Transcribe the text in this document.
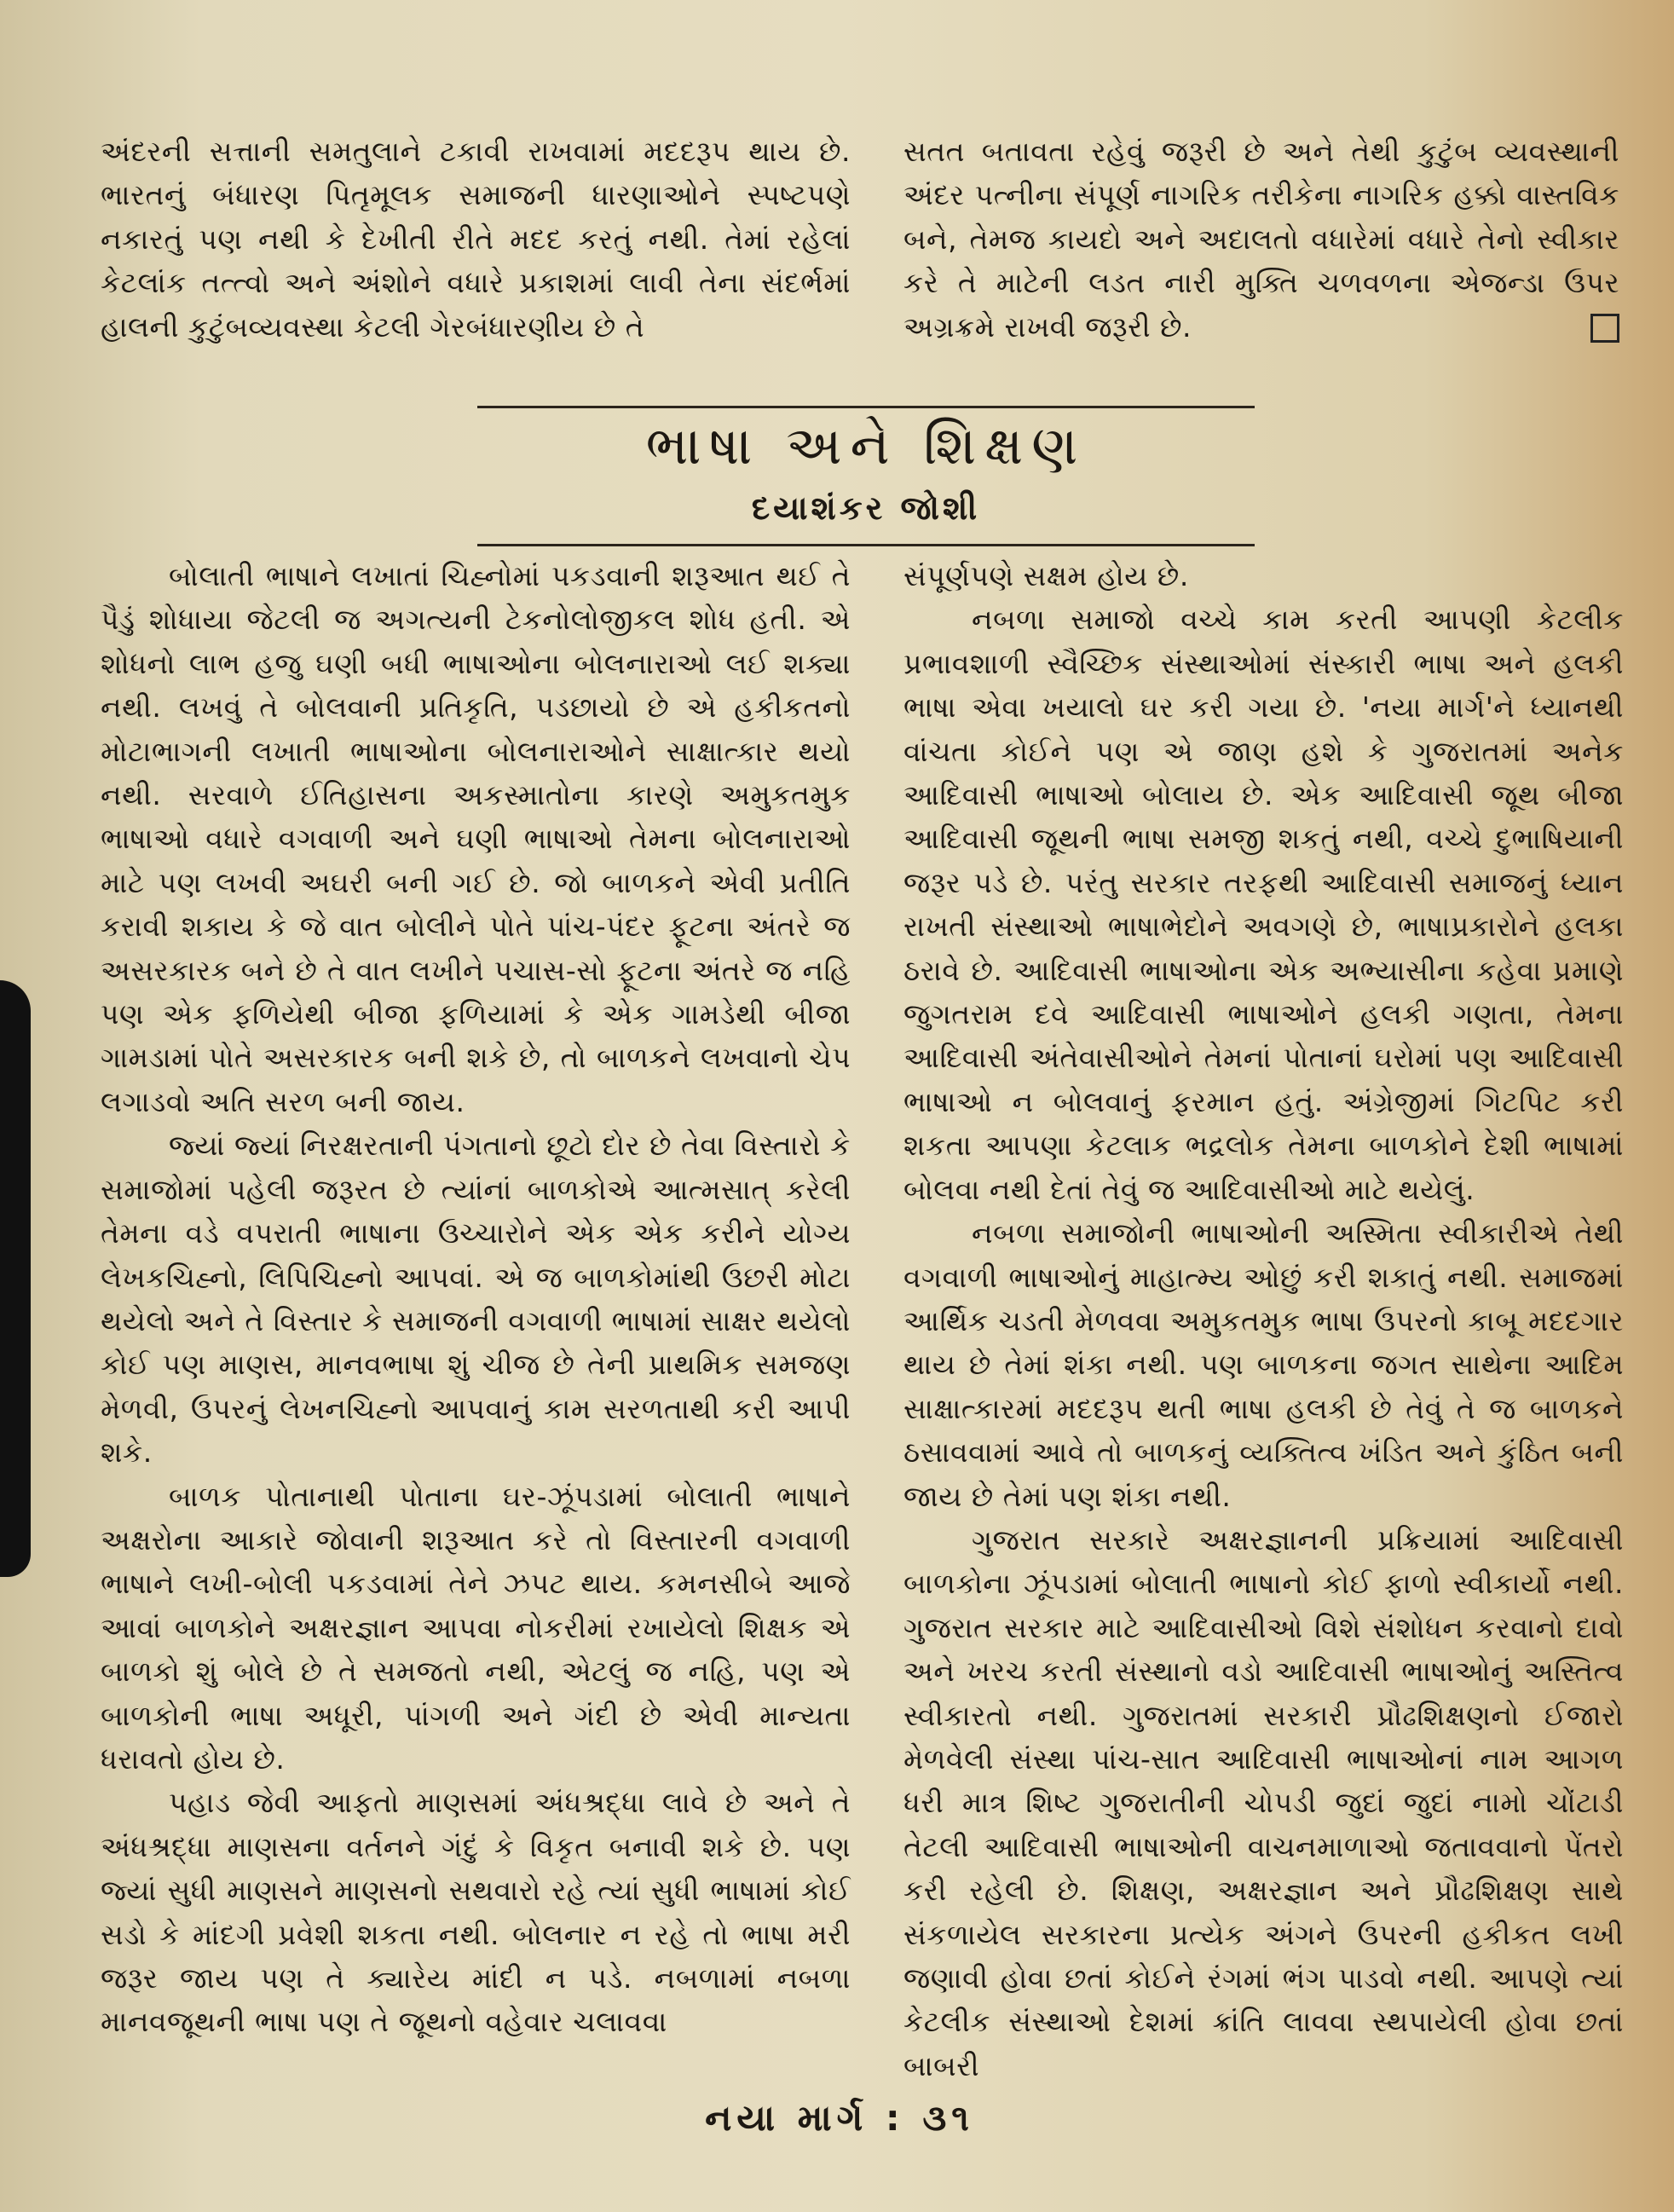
અંદરની સત્તાની સમતુલાને ટકાવી રાખવામાં મદદરૂપ થાય છે. ભારતનું બંધારણ પિતૃમૂલક સમાજની ધારણાઓને સ્પષ્ટપણે નકારતું પણ નથી કે દેખીતી રીતે મદદ કરતું નથી. તેમાં રહેલાં કેટલાંક તત્ત્વો અને અંશોને વધારે પ્રકાશમાં લાવી તેના સંદર્ભમાં હાલની કુટુંબવ્યવસ્થા કેટલી ગેરબંધારણીય છે તે

સતત બતાવતા રહેવું જરૂરી છે અને તેથી કુટુંબ વ્યવસ્થાની અંદર પત્નીના સંપૂર્ણ નાગરિક તરીકેના નાગરિક હક્કો વાસ્તવિક બને, તેમજ કાયદો અને અદાલતો વધારેમાં વધારે તેનો સ્વીકાર કરે તે માટેની લડત નારી મુક્તિ ચળવળના એજન્ડા ઉપર અગ્રક્રમે રાખવી જરૂરી છે.

ભાષા અને શિક્ષણ
દયાશંકર જોશી

બોલાતી ભાષાને લખાતાં ચિહ્નોમાં પકડવાની શરૂઆત થઈ તે પૈડું શોધાયા જેટલી જ અગત્યની ટેકનોલોજીકલ શોધ હતી. એ શોધનો લાભ હજુ ઘણી બધી ભાષાઓના બોલનારાઓ લઈ શક્યા નથી. લખવું તે બોલવાની પ્રતિકૃતિ, પડછાયો છે એ હકીકતનો મોટાભાગની લખાતી ભાષાઓના બોલનારાઓને સાક્ષાત્કાર થયો નથી. સરવાળે ઈતિહાસના અકસ્માતોના કારણે અમુકતમુક ભાષાઓ વધારે વગવાળી અને ઘણી ભાષાઓ તેમના બોલનારાઓ માટે પણ લખવી અઘરી બની ગઈ છે. જો બાળકને એવી પ્રતીતિ કરાવી શકાય કે જે વાત બોલીને પોતે પાંચ-પંદર ફૂટના અંતરે જ અસરકારક બને છે તે વાત લખીને પચાસ-સો ફૂટના અંતરે જ નહિ પણ એક ફળિયેથી બીજા ફળિયામાં કે એક ગામડેથી બીજા ગામડામાં પોતે અસરકારક બની શકે છે, તો બાળકને લખવાનો ચેપ લગાડવો અતિ સરળ બની જાય.

જ્યાં જ્યાં નિરક્ષરતાની પંગતાનો છૂટો દોર છે તેવા વિસ્તારો કે સમાજોમાં પહેલી જરૂરત છે ત્યાંનાં બાળકોએ આત્મસાત્ કરેલી તેમના વડે વપરાતી ભાષાના ઉચ્ચારોને એક એક કરીને યોગ્ય લેખકચિહ્નો, લિપિચિહ્નો આપવાં. એ જ બાળકોમાંથી ઉછરી મોટા થયેલો અને તે વિસ્તાર કે સમાજની વગવાળી ભાષામાં સાક્ષર થયેલો કોઈ પણ માણસ, માનવભાષા શું ચીજ છે તેની પ્રાથમિક સમજણ મેળવી, ઉપરનું લેખનચિહ્નો આપવાનું કામ સરળતાથી કરી આપી શકે.

બાળક પોતાનાથી પોતાના ઘર-ઝૂંપડામાં બોલાતી ભાષાને અક્ષરોના આકારે જોવાની શરૂઆત કરે તો વિસ્તારની વગવાળી ભાષાને લખી-બોલી પકડવામાં તેને ઝપટ થાય. કમનસીબે આજે આવાં બાળકોને અક્ષરજ્ઞાન આપવા નોકરીમાં રખાયેલો શિક્ષક એ બાળકો શું બોલે છે તે સમજતો નથી, એટલું જ નહિ, પણ એ બાળકોની ભાષા અધૂરી, પાંગળી અને ગંદી છે એવી માન્યતા ધરાવતો હોય છે.

પહાડ જેવી આફતો માણસમાં અંધશ્રદ્ધા લાવે છે અને તે અંધશ્રદ્ધા માણસના વર્તનને ગંદું કે વિકૃત બનાવી શકે છે. પણ જ્યાં સુધી માણસને માણસનો સથવારો રહે ત્યાં સુધી ભાષામાં કોઈ સડો કે માંદગી પ્રવેશી શકતા નથી. બોલનાર ન રહે તો ભાષા મરી જરૂર જાય પણ તે ક્યારેય માંદી ન પડે. નબળામાં નબળા માનવજૂથની ભાષા પણ તે જૂથનો વહેવાર ચલાવવા

સંપૂર્ણપણે સક્ષમ હોય છે.

નબળા સમાજો વચ્ચે કામ કરતી આપણી કેટલીક પ્રભાવશાળી સ્વૈચ્છિક સંસ્થાઓમાં સંસ્કારી ભાષા અને હલકી ભાષા એવા ખયાલો ઘર કરી ગયા છે. 'નયા માર્ગ'ને ધ્યાનથી વાંચતા કોઈને પણ એ જાણ હશે કે ગુજરાતમાં અનેક આદિવાસી ભાષાઓ બોલાય છે. એક આદિવાસી જૂથ બીજા આદિવાસી જૂથની ભાષા સમજી શકતું નથી, વચ્ચે દુભાષિયાની જરૂર પડે છે. પરંતુ સરકાર તરફથી આદિવાસી સમાજનું ધ્યાન રાખતી સંસ્થાઓ ભાષાભેદોને અવગણે છે, ભાષાપ્રકારોને હલકા ઠરાવે છે. આદિવાસી ભાષાઓના એક અભ્યાસીના કહેવા પ્રમાણે જુગતરામ દવે આદિવાસી ભાષાઓને હલકી ગણતા, તેમના આદિવાસી અંતેવાસીઓને તેમનાં પોતાનાં ઘરોમાં પણ આદિવાસી ભાષાઓ ન બોલવાનું ફરમાન હતું. અંગ્રેજીમાં ગિટપિટ કરી શકતા આપણા કેટલાક ભદ્રલોક તેમના બાળકોને દેશી ભાષામાં બોલવા નથી દેતાં તેવું જ આદિવાસીઓ માટે થયેલું.

નબળા સમાજોની ભાષાઓની અસ્મિતા સ્વીકારીએ તેથી વગવાળી ભાષાઓનું માહાત્મ્ય ઓછું કરી શકાતું નથી. સમાજમાં આર્થિક ચડતી મેળવવા અમુકતમુક ભાષા ઉપરનો કાબૂ મદદગાર થાય છે તેમાં શંકા નથી. પણ બાળકના જગત સાથેના આદિમ સાક્ષાત્કારમાં મદદરૂપ થતી ભાષા હલકી છે તેવું તે જ બાળકને ઠસાવવામાં આવે તો બાળકનું વ્યક્તિત્વ ખંડિત અને કુંઠિત બની જાય છે તેમાં પણ શંકા નથી.

ગુજરાત સરકારે અક્ષરજ્ઞાનની પ્રક્રિયામાં આદિવાસી બાળકોના ઝૂંપડામાં બોલાતી ભાષાનો કોઈ ફાળો સ્વીકાર્યો નથી. ગુજરાત સરકાર માટે આદિવાસીઓ વિશે સંશોધન કરવાનો દાવો અને ખરચ કરતી સંસ્થાનો વડો આદિવાસી ભાષાઓનું અસ્તિત્વ સ્વીકારતો નથી. ગુજરાતમાં સરકારી પ્રૌઢશિક્ષણનો ઈજારો મેળવેલી સંસ્થા પાંચ-સાત આદિવાસી ભાષાઓનાં નામ આગળ ધરી માત્ર શિષ્ટ ગુજરાતીની ચોપડી જુદાં જુદાં નામો ચોંટાડી તેટલી આદિવાસી ભાષાઓની વાચનમાળાઓ જતાવવાનો પેંતરો કરી રહેલી છે. શિક્ષણ, અક્ષરજ્ઞાન અને પ્રૌઢશિક્ષણ સાથે સંકળાયેલ સરકારના પ્રત્યેક અંગને ઉપરની હકીકત લખી જણાવી હોવા છતાં કોઈને રંગમાં ભંગ પાડવો નથી. આપણે ત્યાં કેટલીક સંસ્થાઓ દેશમાં ક્રાંતિ લાવવા સ્થપાયેલી હોવા છતાં બાબરી

નયા માર્ગ : ૩૧
